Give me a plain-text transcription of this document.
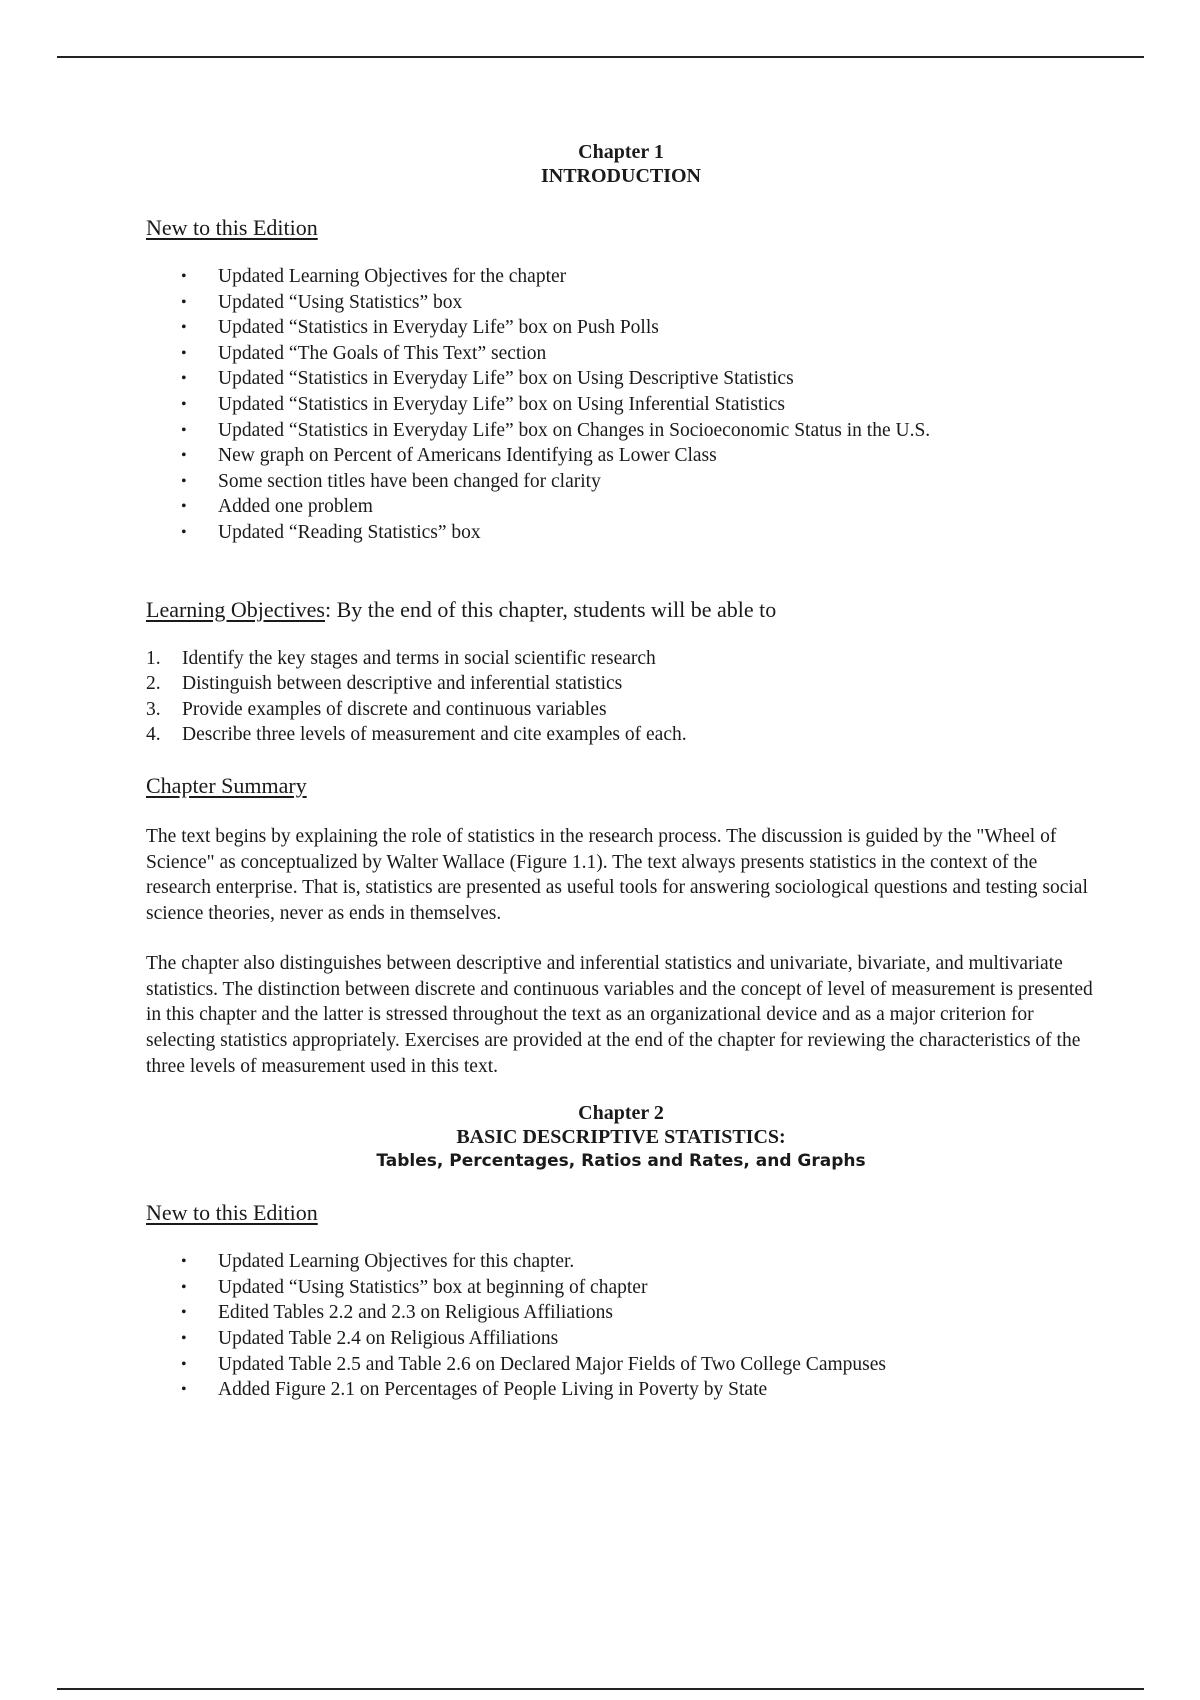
Chapter 1
INTRODUCTION

New to this Edition

• Updated Learning Objectives for the chapter
• Updated “Using Statistics” box
• Updated “Statistics in Everyday Life” box on Push Polls
• Updated “The Goals of This Text” section
• Updated “Statistics in Everyday Life” box on Using Descriptive Statistics
• Updated “Statistics in Everyday Life” box on Using Inferential Statistics
• Updated “Statistics in Everyday Life” box on Changes in Socioeconomic Status in the U.S.
• New graph on Percent of Americans Identifying as Lower Class
• Some section titles have been changed for clarity
• Added one problem
• Updated “Reading Statistics” box

Learning Objectives: By the end of this chapter, students will be able to

1. Identify the key stages and terms in social scientific research
2. Distinguish between descriptive and inferential statistics
3. Provide examples of discrete and continuous variables
4. Describe three levels of measurement and cite examples of each.

Chapter Summary

The text begins by explaining the role of statistics in the research process. The discussion is guided by the "Wheel of Science" as conceptualized by Walter Wallace (Figure 1.1). The text always presents statistics in the context of the research enterprise. That is, statistics are presented as useful tools for answering sociological questions and testing social science theories, never as ends in themselves.

The chapter also distinguishes between descriptive and inferential statistics and univariate, bivariate, and multivariate statistics. The distinction between discrete and continuous variables and the concept of level of measurement is presented in this chapter and the latter is stressed throughout the text as an organizational device and as a major criterion for selecting statistics appropriately. Exercises are provided at the end of the chapter for reviewing the characteristics of the three levels of measurement used in this text.

Chapter 2
BASIC DESCRIPTIVE STATISTICS:
Tables, Percentages, Ratios and Rates, and Graphs

New to this Edition

• Updated Learning Objectives for this chapter.
• Updated “Using Statistics” box at beginning of chapter
• Edited Tables 2.2 and 2.3 on Religious Affiliations
• Updated Table 2.4 on Religious Affiliations
• Updated Table 2.5 and Table 2.6 on Declared Major Fields of Two College Campuses
• Added Figure 2.1 on Percentages of People Living in Poverty by State
